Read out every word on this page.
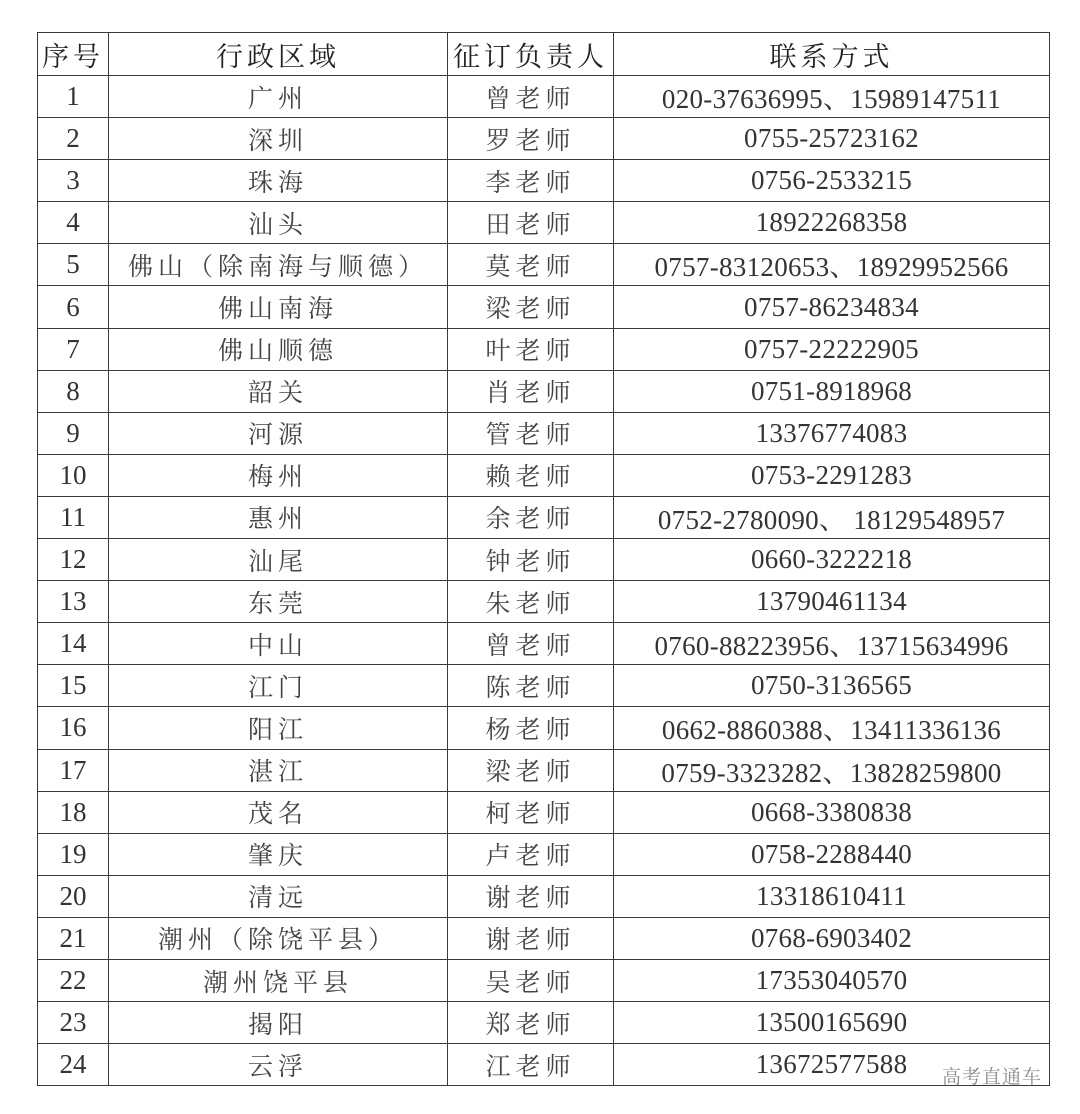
序号	行政区域	征订负责人	联系方式
1	广州	曾老师	020-37636995、15989147511
2	深圳	罗老师	0755-25723162
3	珠海	李老师	0756-2533215
4	汕头	田老师	18922268358
5	佛山（除南海与顺德）	莫老师	0757-83120653、18929952566
6	佛山南海	梁老师	0757-86234834
7	佛山顺德	叶老师	0757-22222905
8	韶关	肖老师	0751-8918968
9	河源	管老师	13376774083
10	梅州	赖老师	0753-2291283
11	惠州	余老师	0752-2780090、 18129548957
12	汕尾	钟老师	0660-3222218
13	东莞	朱老师	13790461134
14	中山	曾老师	0760-88223956、13715634996
15	江门	陈老师	0750-3136565
16	阳江	杨老师	0662-8860388、13411336136
17	湛江	梁老师	0759-3323282、13828259800
18	茂名	柯老师	0668-3380838
19	肇庆	卢老师	0758-2288440
20	清远	谢老师	13318610411
21	潮州（除饶平县）	谢老师	0768-6903402
22	潮州饶平县	吴老师	17353040570
23	揭阳	郑老师	13500165690
24	云浮	江老师	13672577588 高考直通车
